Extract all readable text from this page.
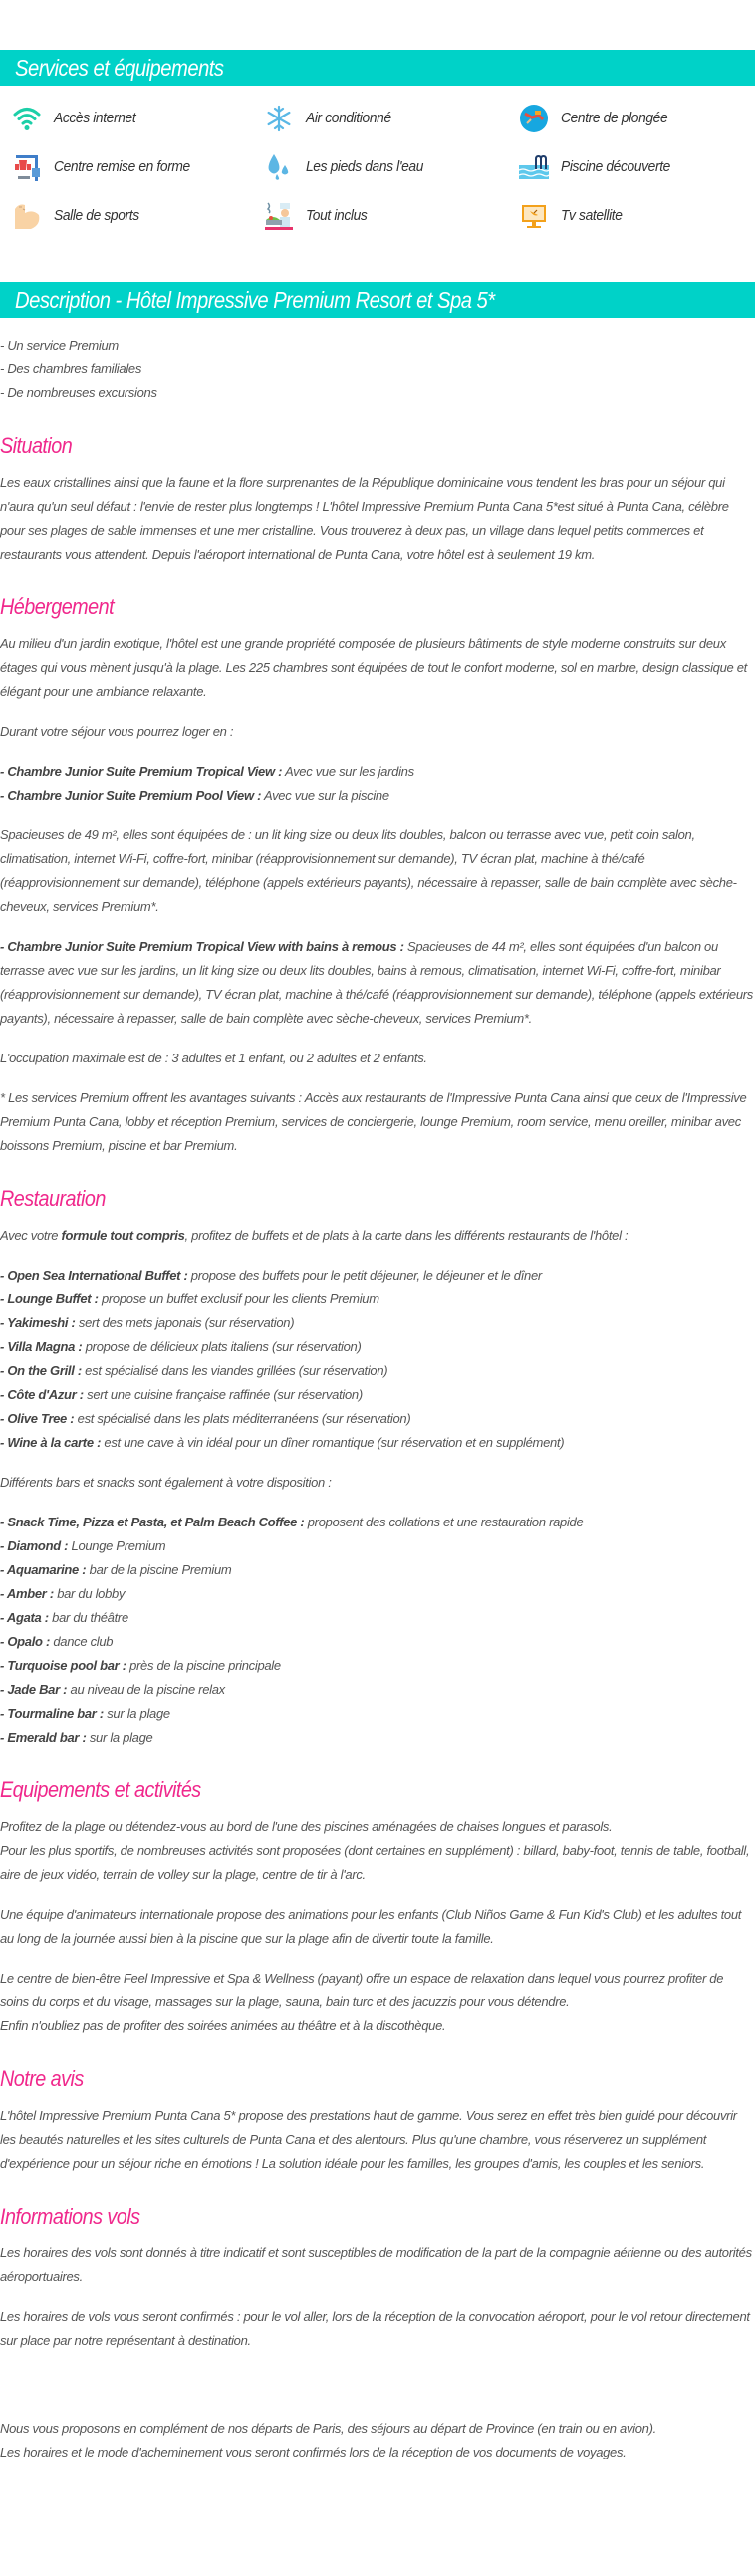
Services et équipements
Accès internet	Air conditionné	Centre de plongée
Centre remise en forme	Les pieds dans l'eau	Piscine découverte
Salle de sports	Tout inclus	Tv satellite
Description - Hôtel Impressive Premium Resort et Spa 5*
- Un service Premium
- Des chambres familiales
- De nombreuses excursions
Situation

Les eaux cristallines ainsi que la faune et la flore surprenantes de la République dominicaine vous tendent les bras pour un séjour qui n'aura qu'un seul défaut : l'envie de rester plus longtemps ! L'hôtel Impressive Premium Punta Cana 5*est situé à Punta Cana, célèbre pour ses plages de sable immenses et une mer cristalline. Vous trouverez à deux pas, un village dans lequel petits commerces et restaurants vous attendent. Depuis l'aéroport international de Punta Cana, votre hôtel est à seulement 19 km.

Hébergement

Au milieu d'un jardin exotique, l'hôtel est une grande propriété composée de plusieurs bâtiments de style moderne construits sur deux étages qui vous mènent jusqu'à la plage. Les 225 chambres sont équipées de tout le confort moderne, sol en marbre, design classique et élégant pour une ambiance relaxante.

Durant votre séjour vous pourrez loger en :

- Chambre Junior Suite Premium Tropical View : Avec vue sur les jardins
- Chambre Junior Suite Premium Pool View : Avec vue sur la piscine

Spacieuses de 49 m², elles sont équipées de : un lit king size ou deux lits doubles, balcon ou terrasse avec vue, petit coin salon, climatisation, internet Wi-Fi, coffre-fort, minibar (réapprovisionnement sur demande), TV écran plat, machine à thé/café (réapprovisionnement sur demande), téléphone (appels extérieurs payants), nécessaire à repasser, salle de bain complète avec sèche-cheveux, services Premium*.

- Chambre Junior Suite Premium Tropical View with bains à remous : Spacieuses de 44 m², elles sont équipées d'un balcon ou terrasse avec vue sur les jardins, un lit king size ou deux lits doubles, bains à remous, climatisation, internet Wi-Fi, coffre-fort, minibar (réapprovisionnement sur demande), TV écran plat, machine à thé/café (réapprovisionnement sur demande), téléphone (appels extérieurs payants), nécessaire à repasser, salle de bain complète avec sèche-cheveux, services Premium*.

L'occupation maximale est de : 3 adultes et 1 enfant, ou 2 adultes et 2 enfants.

* Les services Premium offrent les avantages suivants : Accès aux restaurants de l'Impressive Punta Cana ainsi que ceux de l'Impressive Premium Punta Cana, lobby et réception Premium, services de conciergerie, lounge Premium, room service, menu oreiller, minibar avec boissons Premium, piscine et bar Premium.

Restauration

Avec votre formule tout compris, profitez de buffets et de plats à la carte dans les différents restaurants de l'hôtel :

- Open Sea International Buffet : propose des buffets pour le petit déjeuner, le déjeuner et le dîner
- Lounge Buffet : propose un buffet exclusif pour les clients Premium
- Yakimeshi : sert des mets japonais (sur réservation)
- Villa Magna : propose de délicieux plats italiens (sur réservation)
- On the Grill : est spécialisé dans les viandes grillées (sur réservation)
- Côte d'Azur : sert une cuisine française raffinée (sur réservation)
- Olive Tree : est spécialisé dans les plats méditerranéens (sur réservation)
- Wine à la carte : est une cave à vin idéal pour un dîner romantique (sur réservation et en supplément)

Différents bars et snacks sont également à votre disposition :

- Snack Time, Pizza et Pasta, et Palm Beach Coffee : proposent des collations et une restauration rapide
- Diamond : Lounge Premium
- Aquamarine : bar de la piscine Premium
- Amber : bar du lobby
- Agata : bar du théâtre
- Opalo : dance club
- Turquoise pool bar : près de la piscine principale
- Jade Bar : au niveau de la piscine relax
- Tourmaline bar : sur la plage
- Emerald bar : sur la plage
Equipements et activités

Profitez de la plage ou détendez-vous au bord de l'une des piscines aménagées de chaises longues et parasols.
Pour les plus sportifs, de nombreuses activités sont proposées (dont certaines en supplément) : billard, baby-foot, tennis de table, football, aire de jeux vidéo, terrain de volley sur la plage, centre de tir à l'arc.

Une équipe d'animateurs internationale propose des animations pour les enfants (Club Niños Game & Fun Kid's Club) et les adultes tout au long de la journée aussi bien à la piscine que sur la plage afin de divertir toute la famille.

Le centre de bien-être Feel Impressive et Spa & Wellness (payant) offre un espace de relaxation dans lequel vous pourrez profiter de soins du corps et du visage, massages sur la plage, sauna, bain turc et des jacuzzis pour vous détendre.
Enfin n'oubliez pas de profiter des soirées animées au théâtre et à la discothèque.

Notre avis

L'hôtel Impressive Premium Punta Cana 5* propose des prestations haut de gamme. Vous serez en effet très bien guidé pour découvrir les beautés naturelles et les sites culturels de Punta Cana et des alentours. Plus qu'une chambre, vous réserverez un supplément d'expérience pour un séjour riche en émotions ! La solution idéale pour les familles, les groupes d'amis, les couples et les seniors.

Informations vols

Les horaires des vols sont donnés à titre indicatif et sont susceptibles de modification de la part de la compagnie aérienne ou des autorités aéroportuaires.

Les horaires de vols vous seront confirmés : pour le vol aller, lors de la réception de la convocation aéroport, pour le vol retour directement sur place par notre représentant à destination.

Nous vous proposons en complément de nos départs de Paris, des séjours au départ de Province (en train ou en avion).
Les horaires et le mode d'acheminement vous seront confirmés lors de la réception de vos documents de voyages.
